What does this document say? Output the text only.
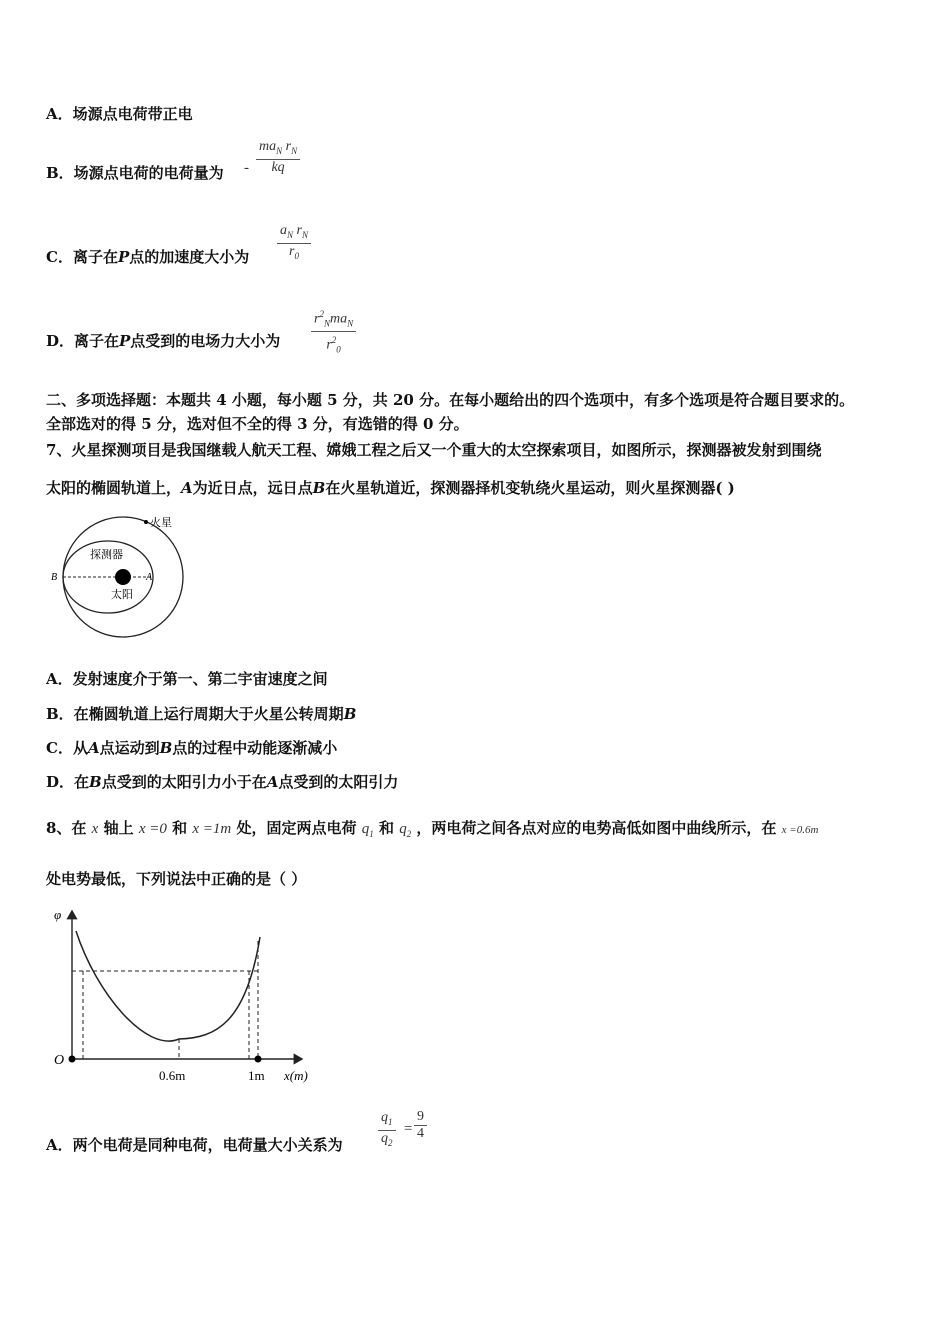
A．场源点电荷带正电
B．场源点电荷的电荷量为 -
$ma_N$ $r_N$
kq
C．离子在P点的加速度大小为
$a_N$ $r_N$
$r_0$
D．离子在P点受到的电场力大小为
$r^2_Nma_N$
$r^2_0$
二、多项选择题：本题共 4 小题，每小题 5 分，共 20 分。在每小题给出的四个选项中，有多个选项是符合题目要求的。
全部选对的得 5 分，选对但不全的得 3 分，有选错的得 0 分。
7、火星探测项目是我国继载人航天工程、嫦娥工程之后又一个重大的太空探索项目，如图所示，探测器被发射到围绕
太阳的椭圆轨道上，A为近日点，远日点B在火星轨道近，探测器择机变轨绕火星运动，则火星探测器( )
火星
探测器
太阳
A
B
A．发射速度介于第一、第二宇宙速度之间
B．在椭圆轨道上运行周期大于火星公转周期B
C．从A点运动到B点的过程中动能逐渐减小
D．在B点受到的太阳引力小于在A点受到的太阳引力
8、在 x 轴上 x =0 和 x =1m 处，固定两点电荷 $q_1$ 和 $q_2$ ，两电荷之间各点对应的电势高低如图中曲线所示，在 x =0.6m
处电势最低，下列说法中正确的是（ ）
φ
O
0.6m	1m x(m)
A．两个电荷是同种电荷，电荷量大小关系为
$q_1$
$q_2$
=
9
4
